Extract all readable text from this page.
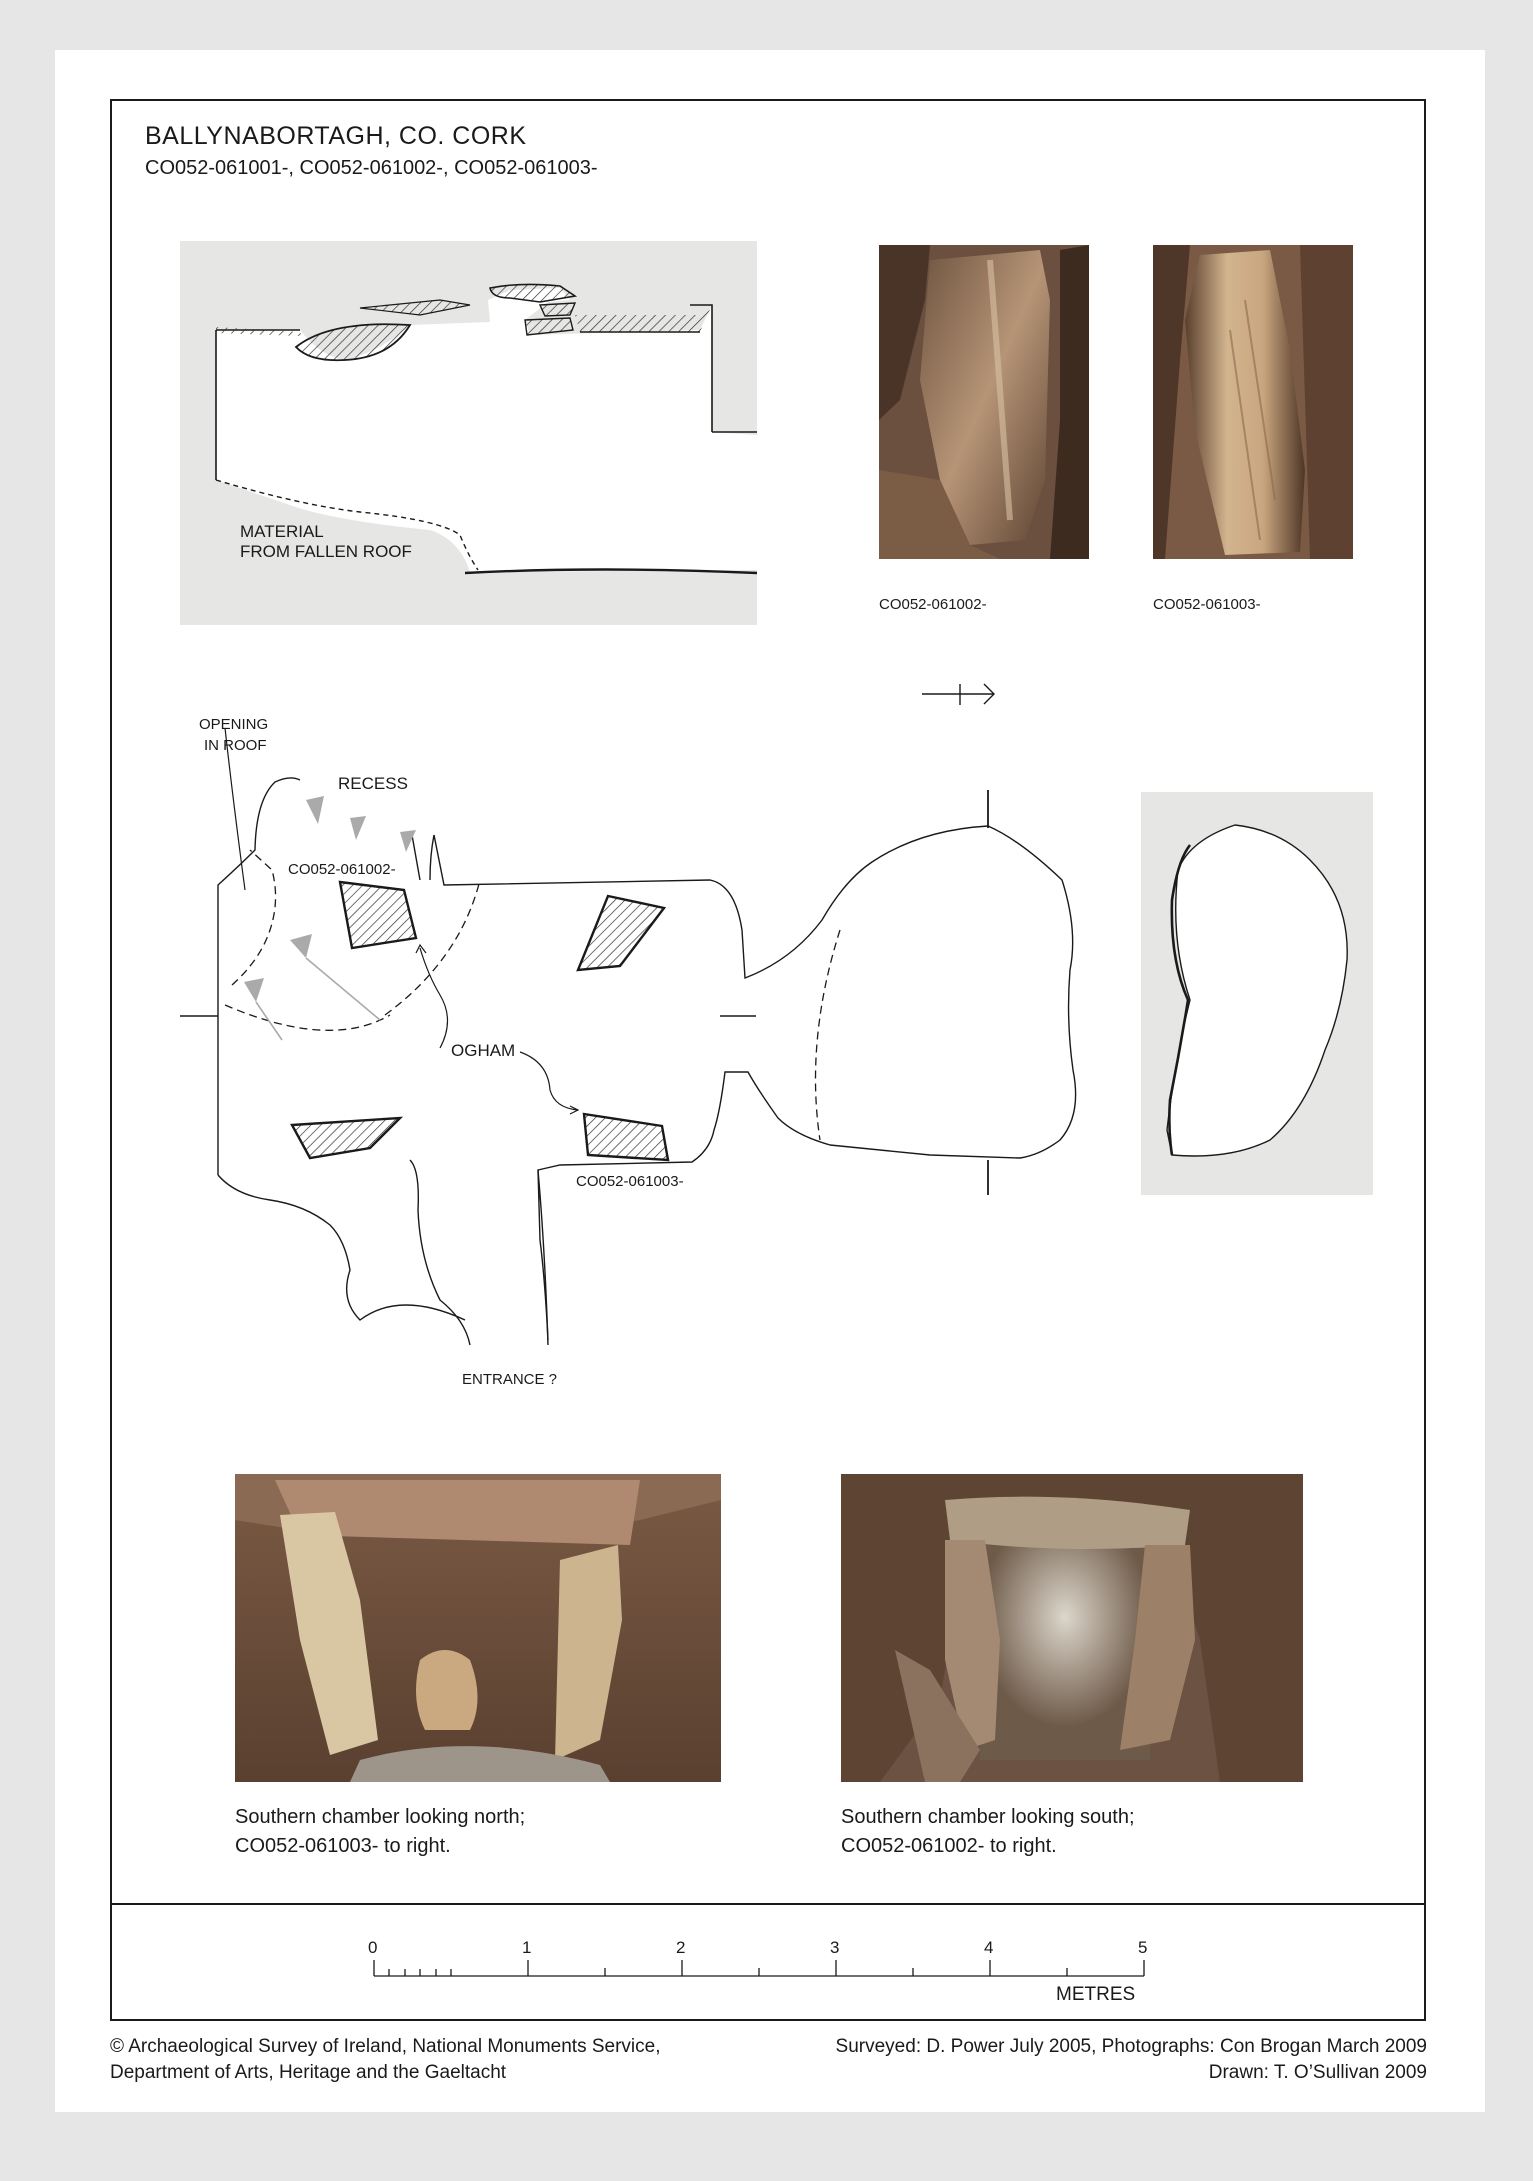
BALLYNABORTAGH, CO. CORK
CO052-061001-, CO052-061002-, CO052-061003-
MATERIAL
FROM FALLEN ROOF
CO052-061002-	CO052-061003-
OPENING
IN ROOF
RECESS
CO052-061002-
OGHAM
CO052-061003-
ENTRANCE ?
Southern chamber looking north;
CO052-061003- to right.
Southern chamber looking south;
CO052-061002- to right.
0	1	2	3	4	5
METRES
© Archaeological Survey of Ireland, National Monuments Service,
Department of Arts, Heritage and the Gaeltacht
Surveyed: D. Power July 2005, Photographs: Con Brogan March 2009
Drawn: T. O’Sullivan 2009
